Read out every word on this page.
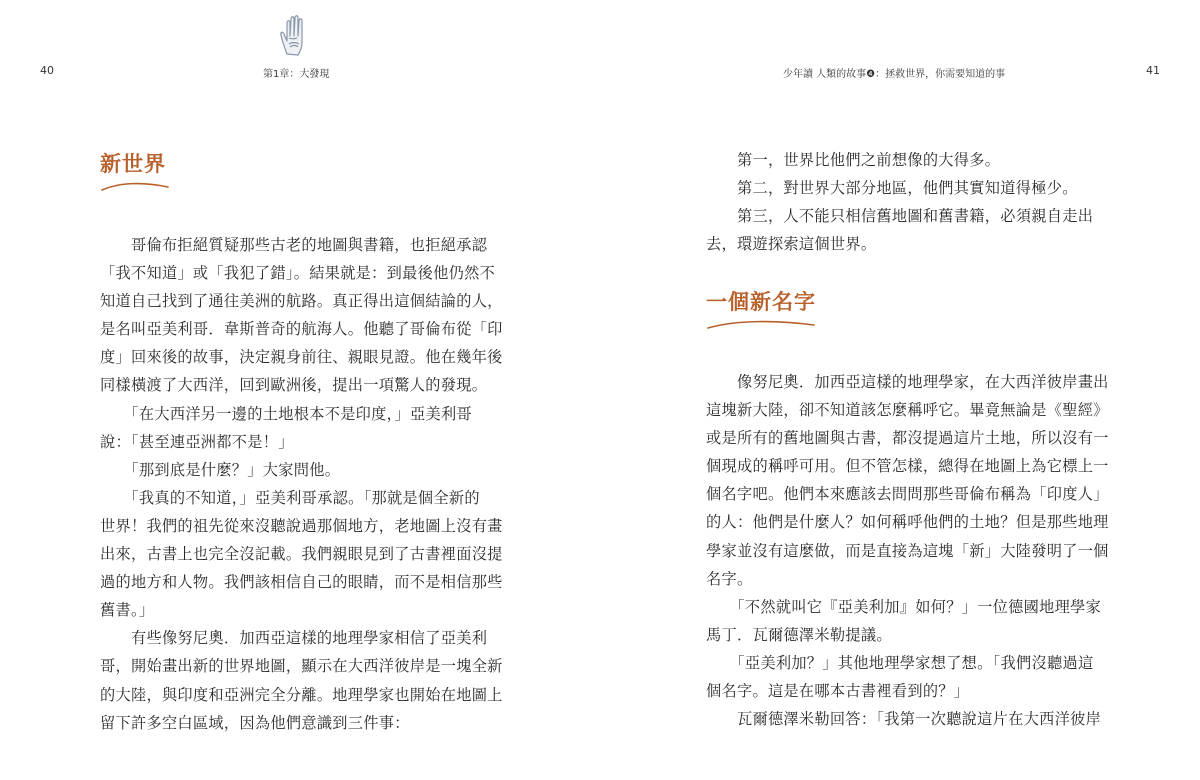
40	第1章：大發現
新世界
　　哥倫布拒絕質疑那些古老的地圖與書籍，也拒絕承認
「我不知道」或「我犯了錯」。結果就是：到最後他仍然不
知道自己找到了通往美洲的航路。真正得出這個結論的人，
是名叫亞美利哥．韋斯普奇的航海人。他聽了哥倫布從「印
度」回來後的故事，決定親身前往、親眼見證。他在幾年後
同樣橫渡了大西洋，回到歐洲後，提出一項驚人的發現。
　　「在大西洋另一邊的土地根本不是印度，」亞美利哥
說：「甚至連亞洲都不是！」
　　「那到底是什麼？」大家問他。
　　「我真的不知道，」亞美利哥承認。「那就是個全新的
世界！我們的祖先從來沒聽說過那個地方，老地圖上沒有畫
出來，古書上也完全沒記載。我們親眼見到了古書裡面沒提
過的地方和人物。我們該相信自己的眼睛，而不是相信那些
舊書。」
　　有些像努尼奧．加西亞這樣的地理學家相信了亞美利
哥，開始畫出新的世界地圖，顯示在大西洋彼岸是一塊全新
的大陸，與印度和亞洲完全分離。地理學家也開始在地圖上
留下許多空白區域，因為他們意識到三件事：
少年讀 人類的故事❹：拯救世界，你需要知道的事	41
　　第一，世界比他們之前想像的大得多。
　　第二，對世界大部分地區，他們其實知道得極少。
　　第三，人不能只相信舊地圖和舊書籍，必須親自走出
去，環遊探索這個世界。
一個新名字
　　像努尼奧．加西亞這樣的地理學家，在大西洋彼岸畫出
這塊新大陸，卻不知道該怎麼稱呼它。畢竟無論是《聖經》
或是所有的舊地圖與古書，都沒提過這片土地，所以沒有一
個現成的稱呼可用。但不管怎樣，總得在地圖上為它標上一
個名字吧。他們本來應該去問問那些哥倫布稱為「印度人」
的人：他們是什麼人？如何稱呼他們的土地？但是那些地理
學家並沒有這麼做，而是直接為這塊「新」大陸發明了一個
名字。
　　「不然就叫它『亞美利加』如何？」一位德國地理學家
馬丁．瓦爾德澤米勒提議。
　　「亞美利加？」其他地理學家想了想。「我們沒聽過這
個名字。這是在哪本古書裡看到的？」
　　瓦爾德澤米勒回答：「我第一次聽說這片在大西洋彼岸
